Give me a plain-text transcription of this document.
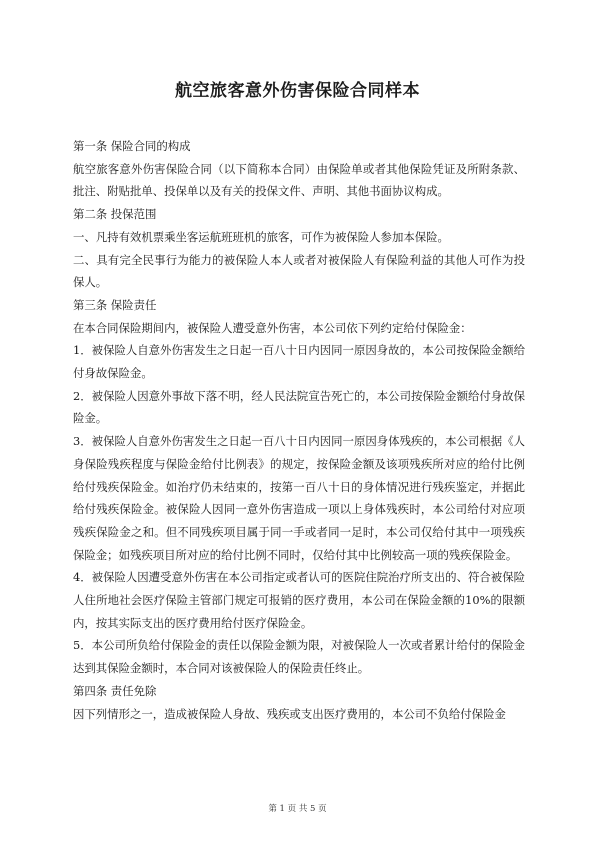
航空旅客意外伤害保险合同样本

第一条 保险合同的构成

航空旅客意外伤害保险合同（以下简称本合同）由保险单或者其他保险凭证及所附条款、批注、附贴批单、投保单以及有关的投保文件、声明、其他书面协议构成。

第二条 投保范围

一、凡持有效机票乘坐客运航班班机的旅客，可作为被保险人参加本保险。

二、具有完全民事行为能力的被保险人本人或者对被保险人有保险利益的其他人可作为投保人。

第三条 保险责任

在本合同保险期间内，被保险人遭受意外伤害，本公司依下列约定给付保险金：

1．被保险人自意外伤害发生之日起一百八十日内因同一原因身故的，本公司按保险金额给付身故保险金。

2．被保险人因意外事故下落不明，经人民法院宣告死亡的，本公司按保险金额给付身故保险金。

3．被保险人自意外伤害发生之日起一百八十日内因同一原因身体残疾的，本公司根据《人身保险残疾程度与保险金给付比例表》的规定，按保险金额及该项残疾所对应的给付比例给付残疾保险金。如治疗仍未结束的，按第一百八十日的身体情况进行残疾鉴定，并据此给付残疾保险金。被保险人因同一意外伤害造成一项以上身体残疾时，本公司给付对应项残疾保险金之和。但不同残疾项目属于同一手或者同一足时，本公司仅给付其中一项残疾保险金；如残疾项目所对应的给付比例不同时，仅给付其中比例较高一项的残疾保险金。

4．被保险人因遭受意外伤害在本公司指定或者认可的医院住院治疗所支出的、符合被保险人住所地社会医疗保险主管部门规定可报销的医疗费用，本公司在保险金额的10%的限额内，按其实际支出的医疗费用给付医疗保险金。

5．本公司所负给付保险金的责任以保险金额为限，对被保险人一次或者累计给付的保险金达到其保险金额时，本合同对该被保险人的保险责任终止。

第四条 责任免除

因下列情形之一，造成被保险人身故、残疾或支出医疗费用的，本公司不负给付保险金

第 1 页 共 5 页
